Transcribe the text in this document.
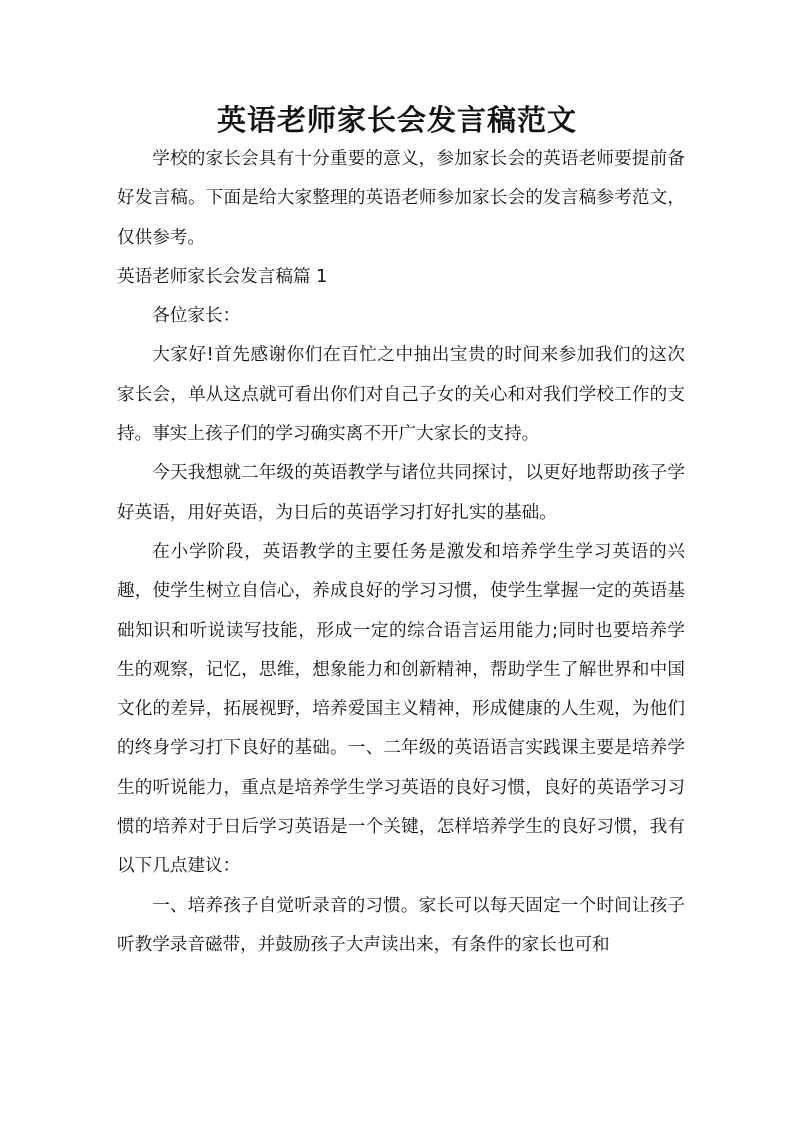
英语老师家长会发言稿范文

学校的家长会具有十分重要的意义，参加家长会的英语老师要提前备好发言稿。下面是给大家整理的英语老师参加家长会的发言稿参考范文，仅供参考。

英语老师家长会发言稿篇 1

各位家长：

大家好!首先感谢你们在百忙之中抽出宝贵的时间来参加我们的这次家长会，单从这点就可看出你们对自己子女的关心和对我们学校工作的支持。事实上孩子们的学习确实离不开广大家长的支持。

今天我想就二年级的英语教学与诸位共同探讨，以更好地帮助孩子学好英语，用好英语，为日后的英语学习打好扎实的基础。

在小学阶段，英语教学的主要任务是激发和培养学生学习英语的兴趣，使学生树立自信心，养成良好的学习习惯，使学生掌握一定的英语基础知识和听说读写技能，形成一定的综合语言运用能力;同时也要培养学生的观察，记忆，思维，想象能力和创新精神，帮助学生了解世界和中国文化的差异，拓展视野，培养爱国主义精神，形成健康的人生观，为他们的终身学习打下良好的基础。一、二年级的英语语言实践课主要是培养学生的听说能力，重点是培养学生学习英语的良好习惯，良好的英语学习习惯的培养对于日后学习英语是一个关键，怎样培养学生的良好习惯，我有以下几点建议：

一、培养孩子自觉听录音的习惯。家长可以每天固定一个时间让孩子听教学录音磁带，并鼓励孩子大声读出来，有条件的家长也可和
